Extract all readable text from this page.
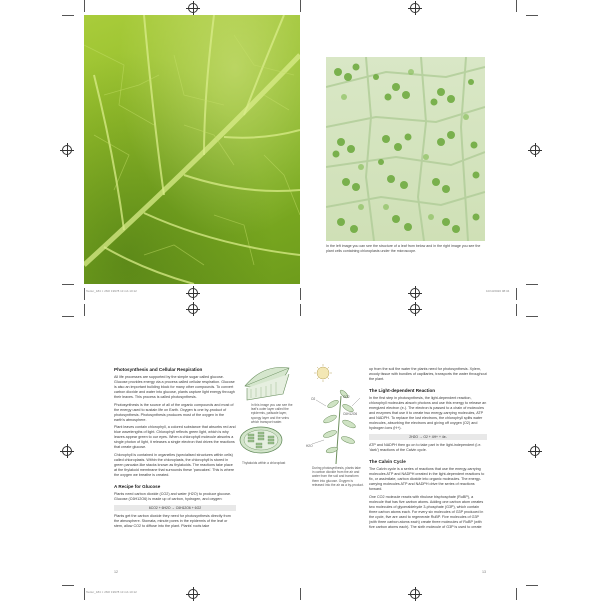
In the left image you can see the structure of a leaf from below and in the right image you see the plant cells containing chloroplasts under the microscope.
Textur_184 × 260/ 19978 13 rsb 10:12	10/13/2020 08:34
Photosynthesis and Cellular Respiration

All life processes are supported by the simple sugar called glucose. Glucose provides energy via a process called cellular respiration. Glucose is also an important building block for many other compounds. To convert carbon dioxide and water into glucose, plants capture light energy through their leaves. This process is called photosynthesis.

Photosynthesis is the source of all of the organic compounds and most of the energy used to sustain life on Earth. Oxygen is one by-product of photosynthesis. Photosynthesis produces most of the oxygen in the earth's atmosphere.

Plant leaves contain chlorophyll, a colored substance that absorbs red and blue wavelengths of light. Chlorophyll reflects green light, which is why leaves appear green to our eyes. When a chlorophyll molecule absorbs a single photon of light, it releases a single electron that drives the reactions that create glucose.

Chlorophyll is contained in organelles (specialised structures within cells) called chloroplasts. Within the chloroplasts, the chlorophyll is stored in green pancake-like stacks known as thylakoids. The reactions take place at the thylakoid membrane that surrounds these 'pancakes'. This is where the oxygen we breathe is created.

A Recipe for Glucose

Plants need carbon dioxide (CO2) and water (H2O) to produce glucose. Glucose (C6H12O6) is made up of carbon, hydrogen, and oxygen:

6CO2 + 6H2O → C6H12O6 + 6O2

Plants get the carbon dioxide they need for photosynthesis directly from the atmosphere. Stomata, minute pores in the epidermis of the leaf or stem, allow CO2 to diffuse into the plant. Plants' roots take

12
In this image you can see the leaf's outer layer called the epidermis, palisade layer, spongy layer and the veins which transport water.
Thylakoids within a chloroplast
O2	CO2
C6H12O6
H2O
During photosynthesis, plants take in carbon dioxide from the air and water from the soil and transform them into glucose. Oxygen is released into the air as a by-product.

up from the soil the water the plants need for photosynthesis. Xylem, woody tissue with bundles of capillaries, transports the water throughout the plant.

The Light-dependent Reaction

In the first step in photosynthesis, the light-dependent reaction, chlorophyll molecules absorb photons and use this energy to release an energized electron (e-). The electron is passed to a chain of molecules and enzymes that use it to create two energy-carrying molecules, ATP and NADPH. To replace the lost electrons, the chlorophyll splits water molecules, absorbing the electrons and giving off oxygen (O2) and hydrogen ions (H+).

2H2O → O2 + 4H+ + 4e-

ATP and NADPH then go on to take part in the light-independent (i.e. 'dark') reactions of the Calvin cycle.

The Calvin Cycle

The Calvin cycle is a series of reactions that use the energy-carrying molecules ATP and NADPH created in the light-dependent reactions to fix, or assimilate, carbon dioxide into organic molecules. The energy-carrying molecules ATP and NADPH drive the series of reactions forward.

One CO2 molecule reacts with ribulose bisphosphate (RuBP), a molecule that has five carbon atoms. Adding one carbon atom creates two molecules of glyceraldehyde 3-phosphate (G3P), which contain three carbon atoms each. For every six molecules of G3P produced in the cycle, five are used to regenerate RuBP. Five molecules of G3P (with three carbon atoms each) create three molecules of RuBP (with five carbon atoms each). The sixth molecule of G3P is used to create

13
Textur_184 × 260/ 19978 13 rsb 10:12
